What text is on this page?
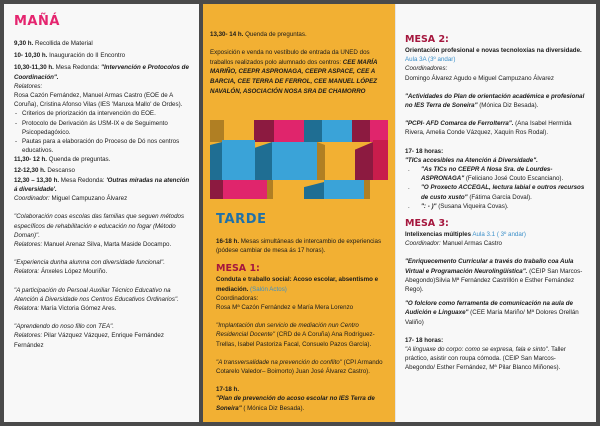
MAÑÁ
9,30 h. Recollida de Material
10- 10,30 h. Inauguración do II Encontro
10,30-11,30 h. Mesa Redonda: "Intervención e Protocolos de Coordinación".
Relatores:
Rosa Cazón Fernández, Manuel Armas Castro (EOE de A Coruña), Cristina Afonso Vilas (IES 'Maruxa Mallo' de Ordes).
- Criterios de priorización da intervención do EOE.
- Protocolo de Derivación ás USM-IX e de Seguimento Psicopedagóxico.
- Pautas para a elaboración do Proceso de Dó nos centros educativos.
11,30- 12 h. Quenda de preguntas.
12-12,30 h. Descanso
12,30 – 13,30 h. Mesa Redonda: 'Outras miradas na atención á diversidade'.
Coordinador: Miguel Campuzano Álvarez
"Colaboración coas escolas das familias que seguen métodos específicos de rehabilitación e educación no fogar (Método Doman)".
Relatores: Manuel Arenaz Silva, Marta Maside Docampo.
"Experiencia dunha alumna con diversidade funcional".
Relatora: Ánxeles López Mouriño.
"A participación do Persoal Auxiliar Técnico Educativo na Atención á Diversidade nos Centros Educativos Ordinarios".
Relatora: María Victoria Gómez Ares.
"Aprendendo do noso fillo con TEA".
Relatores: Pilar Vázquez Vázquez, Enrique Fernández Fernández
13,30- 14 h. Quenda de preguntas.
Exposición e venda no vestíbulo de entrada da UNED dos traballos realizados polo alumnado dos centros: CEE MARÍA MARIÑO, CEEPR ASPRONAGA, CEEPR ASPACE, CEE A BARCIA, CEE TERRA DE FERROL, CEE MANUEL LÓPEZ NAVALÓN, ASOCIACIÓN NOSA SRA DE CHAMORRO
TARDE
16-18 h. Mesas simultáneas de intercambio de experiencias (pódese cambiar de mesa ás 17 horas).
MESA 1:
Conduta e traballo social: Acoso escolar, absentismo e mediación. (Salón Actos)
Coordinadoras:
Rosa Mª Cazón Fernández e María Mera Lorenzo
"Implantación dun servicio de mediación nun Centro Residencial Docente" (CRD de A Coruña) Ana Rodríguez-Trellas, Isabel Pastoriza Facal, Consuelo Pazos García).
"A transversalidade na prevención do conflito" (CPI Armando Cotarelo Valedor– Boimorto) Juan José Álvarez Castro).
17-18 h.
"Plan de prevención do acoso escolar no IES Terra de Soneira" ( Mónica Diz Besada).
MESA 2:
Orientación profesional e novas tecnoloxías na diversidade. Aula 3A (3º andar)
Coordinadores:
Domingo Álvarez Agudo e Miguel Campuzano Álvarez
"Actividades do Plan de orientación académica e profesional no IES Terra de Soneira" (Mónica Diz Besada).
"PCPI- AFD Comarca de Ferrolterra". (Ana Isabel Hermida Rivera, Amelia Conde Vázquez, Xaquín Ros Rodal).
17- 18 horas:
"TICs accesibles na Atención á Diversidade".
. "As TICs no CEEPR A Nosa Sra. de Lourdes-ASPRONAGA" (Feliciano José Couto Escanciano).
. "O Proxecto ACCEGAL, lectura labial e outros recursos de custo xusto" (Fátima García Doval).
. ": - )" (Susana Viqueira Covas).
MESA 3:
Intelixencias múltiples Aula 3.1 ( 3º andar)
Coordinador: Manuel Armas Castro
"Enriquecemento Curricular a través do traballo coa Aula Virtual e Programación Neurolingüística". (CEIP San Marcos-Abegondo)Silvia Mª Fernández Castrillón e Esther Fernández Rego).
"O folclore como ferramenta de comunicación na aula de Audición e Linguaxe" (CEE María Mariño/ Mª Dolores Orellán Valiño)
17- 18 horas:
"A linguaxe do corpo: como se expresa, fala e sinto". Taller práctico, asistir con roupa cómoda. (CEIP San Marcos- Abegondo/ Esther Fernández, Mª Pilar Blanco Miñones).
